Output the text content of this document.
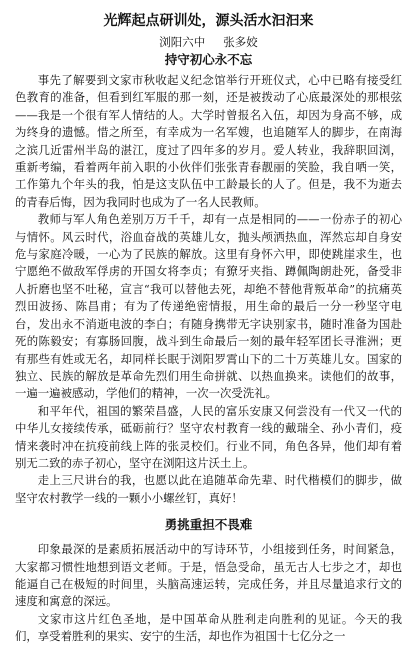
光辉起点研训处，源头活水汩汩来
浏阳六中 张多姣
持守初心永不忘

事先了解要到文家市秋收起义纪念馆举行开班仪式，心中已略有接受红色教育的准备，但看到红军服的那一刻，还是被拨动了心底最深处的那根弦——我是一个很有军人情结的人。大学时曾报名入伍，却因为身高不够，成为终身的遗憾。惜之所至，有幸成为一名军嫂，也追随军人的脚步，在南海之滨几近雷州半岛的湛江，度过了四年多的岁月。爱人转业，我辞职回浏，重新考编，看着两年前入职的小伙伴们张张青春靓丽的笑脸，我自哂一笑，工作第九个年头的我，怕是这支队伍中工龄最长的人了。但是，我不为逝去的青春后悔，因为我同时也成为了一名人民教师。

教师与军人角色差别万万千千，却有一点是相同的——一份赤子的初心与情怀。风云时代，浴血奋战的英雄儿女，抛头颅洒热血，浑然忘却自身安危与家庭冷暖，一心为了民族的解放。这里有身怀六甲，即使跳崖求生，也宁愿绝不做敌军俘虏的开国女将李贞；有獠牙夹指、蹲佩陶朗赴死，备受非人折磨也坚不吐秘，宣言“我可以替他去死，却绝不替他背叛革命”的抗痛英烈田波扬、陈昌甫；有为了传递绝密情报，用生命的最后一分一秒坚守电台，发出永不消逝电波的李白；有随身携带无字诀别家书，随时准备为国赴死的陈毅安；有寡肠回腹，战斗到生命最后一刻的最年轻军团长寻淮洲；更有那些有姓或无名，却同样长眠于浏阳罗霄山下的二十万英雄儿女。国家的独立、民族的解放是革命先烈们用生命拼就、以热血换来。读他们的故事，一遍一遍被感动，学他们的精神，一次一次受洗礼。

和平年代，祖国的繁荣昌盛，人民的富乐安康又何尝没有一代又一代的中华儿女接续传承，砥砺前行？坚守农村教育一线的戴瑞全、孙小青们，疫情来袭时冲在抗疫前线上阵的张灵校们。行业不同，角色各异，他们却有着别无二致的赤子初心，坚守在浏阳这片沃土上。

走上三尺讲台的我，也愿以此在追随革命先辈、时代楷模们的脚步，做坚守农村教学一线的一颗小小螺丝钉，真好！

勇挑重担不畏难

印象最深的是素质拓展活动中的写诗环节，小组接到任务，时间紧急，大家都习惯性地想到语文老师。于是，悟急受命，虽无古人七步之才，却也能逼自己在极短的时间里，头脑高速运转，完成任务，并且尽量追求行文的速度和寓意的深远。

文家市这片红色圣地，是中国革命从胜利走向胜利的见证。今天的我们，享受着胜利的果实、安宁的生活，却也作为祖国十七亿分之一
